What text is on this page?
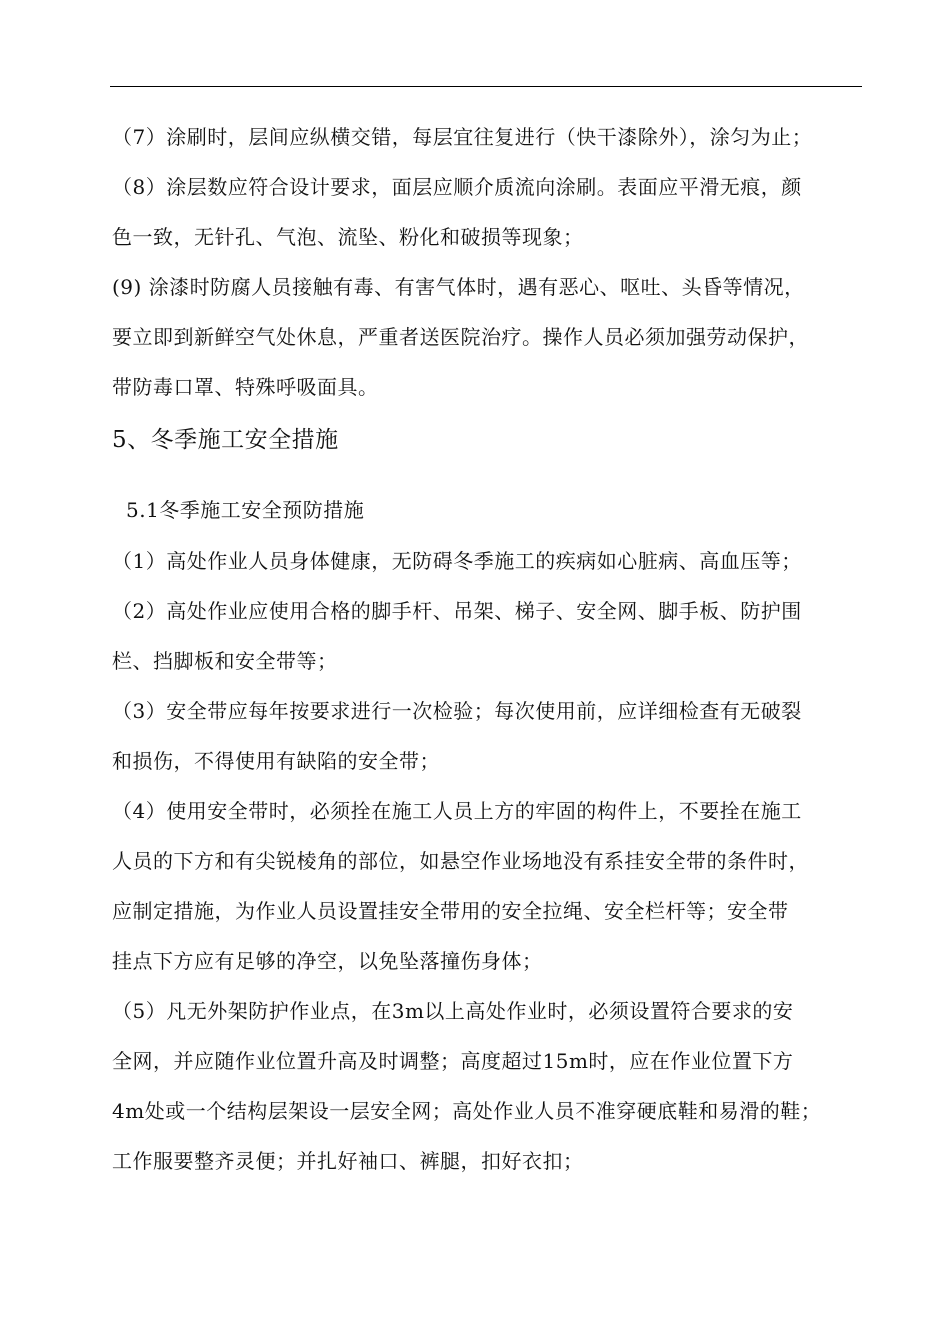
（7）涂刷时，层间应纵横交错，每层宜往复进行（快干漆除外），涂匀为止；
（8）涂层数应符合设计要求，面层应顺介质流向涂刷。表面应平滑无痕，颜
色一致，无针孔、气泡、流坠、粉化和破损等现象；
(9) 涂漆时防腐人员接触有毒、有害气体时，遇有恶心、呕吐、头昏等情况，
要立即到新鲜空气处休息，严重者送医院治疗。操作人员必须加强劳动保护，
带防毒口罩、特殊呼吸面具。
5、冬季施工安全措施
5.1冬季施工安全预防措施
（1）高处作业人员身体健康，无防碍冬季施工的疾病如心脏病、高血压等；
（2）高处作业应使用合格的脚手杆、吊架、梯子、安全网、脚手板、防护围
栏、挡脚板和安全带等；
（3）安全带应每年按要求进行一次检验；每次使用前，应详细检查有无破裂
和损伤，不得使用有缺陷的安全带；
（4）使用安全带时，必须拴在施工人员上方的牢固的构件上，不要拴在施工
人员的下方和有尖锐棱角的部位，如悬空作业场地没有系挂安全带的条件时，
应制定措施，为作业人员设置挂安全带用的安全拉绳、安全栏杆等；安全带
挂点下方应有足够的净空，以免坠落撞伤身体；
（5）凡无外架防护作业点，在3m以上高处作业时，必须设置符合要求的安
全网，并应随作业位置升高及时调整；高度超过15m时，应在作业位置下方
4m处或一个结构层架设一层安全网；高处作业人员不准穿硬底鞋和易滑的鞋；
工作服要整齐灵便；并扎好袖口、裤腿，扣好衣扣；
